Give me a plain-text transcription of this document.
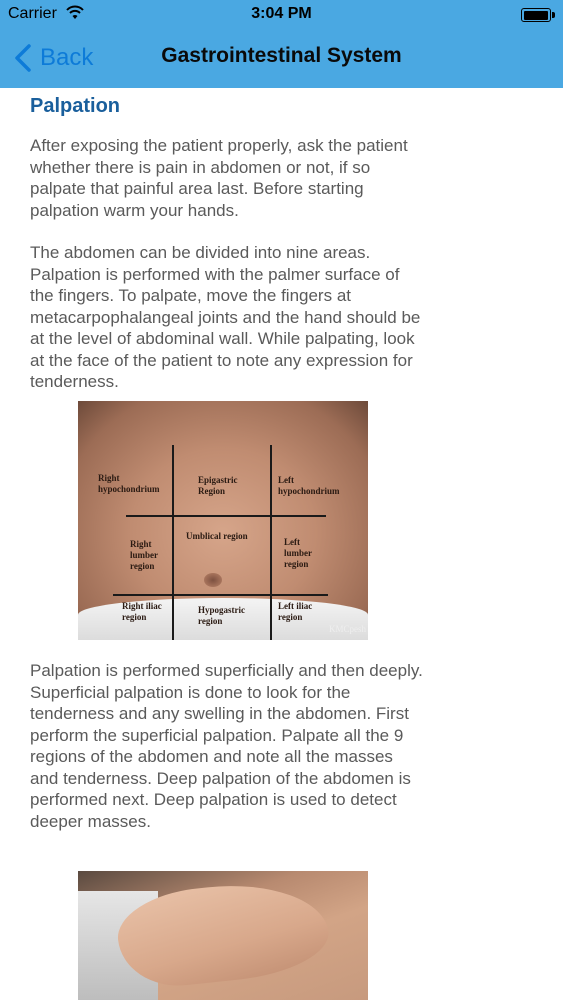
Carrier	3:04 PM
Back	Gastrointestinal System
Palpation

After exposing the patient properly, ask the patient whether there is pain in abdomen or not, if so palpate that painful area last. Before starting palpation warm your hands.

The abdomen can be divided into nine areas. Palpation is performed with the palmer surface of the fingers. To palpate, move the fingers at metacarpophalangeal joints and the hand should be at the level of abdominal wall. While palpating, look at the face of the patient to note any expression for tenderness.

Right hypochondrium
Epigastric Region
Left hypochondrium
Right lumber region
Umblical region
Left lumber region
Right iliac region
Hypogastric region
Left iliac region
KMCpesh

Palpation is performed superficially and then deeply. Superficial palpation is done to look for the tenderness and any swelling in the abdomen. First perform the superficial palpation. Palpate all the 9 regions of the abdomen and note all the masses and tenderness. Deep palpation of the abdomen is performed next. Deep palpation is used to detect deeper masses.
